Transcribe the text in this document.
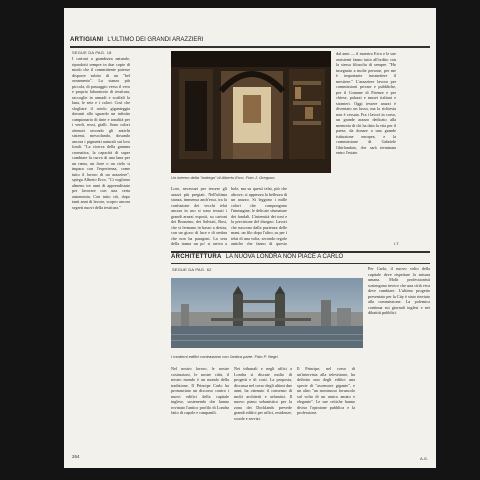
ARTIGIANI L'ULTIMO DEI GRANDI ARAZZIERI
SEGUE DA PAG. 18
I cartoni a grandezza naturale, riprodotti sempre in due copie di modo che il committente potesse disporre subito di un "bel ornamento". La stanza più piccola, di passaggio verso il vero e proprio laboratorio di tessitura, raccoglie in armadi e scaffali la lana, le sete e i colori. Così che sfogliare il rotolo giganteggia davanti allo sguardo un infinito campionario di tinte e tonalità per i verdi, rossi, gialli. Sono colori ottenuti secondo gli antichi sistemi, mescolando, dosando ancora i pigmenti naturali sui loro fondi. "La ricerca della gamma cromatica, la capacità di saper cambiare la curva di una lana per un ramo, un fiore o un cielo si impara con l'esperienza, come tutto il lavoro di un arazziere", spiega Alberto Erco. "Ci vogliono almeno tre anni di apprendistato per lavorare con una certa autonomia. Con tutto ciò, dopo tanti anni di lavoro, scopro ancora segreti nuovi della tessitura."
Un interno della "bottega" di Alberto Erco. Foto J. Gregson.
Loro, necessari per tessere gli arazzi più pregiati. Nell'ultima stanza, immensa anch'essa, tra la confusione dei vecchi telai ancora in uso si sono tessuti i grandi arazzi esposti, su cartoni dei Bronzino, dei Salviati, Rost, che si fermano in basso a destra, con un gioco di luce e di ombra che non ha paragoni. La sera della trama un po' si arriva a
bole, ma su questi telai, più che altrove, si apprezza la bellezza di un arazzo. Si leggono i mille colori che compongono l'immagine, le delicate sfumature dei fondali. L'intensità dei toni e la precisione del disegno. Lavori che nascono dalla pazienza delle mani, un filo dopo l'altro, su per i telai di una volta, secondo regole antiche che fanno di questo
dal anni — il maestro Erco e le sue assistenti fanno tutto all'ordito con la stessa filosofia di sempre. "Ho insegnato a molte persone, per me è importante trasmettere il mestiere." L'arazziere lavora per commissioni private e pubbliche, per il Comune di Firenze e per chiese, palazzi e musei italiani e stranieri. Oggi tessere arazzi è diventato un lusso, ma la richiesta non è cessata. Fra i lavori in corso, un grande arazzo dedicato alla memoria di chi ha dato la vita per il paese, da donare a una grande istituzione europea, e la commissione di Gabriele Ghirlandaio, che sarà terminata entro l'estate.
I.T.
ARCHITETTURA LA NUOVA LONDRA NON PIACE A CARLO
SEGUE DA PAG. 62
I moderni edifici contrastano con l'antica parte. Foto P. Negri.
Nel nostro lavoro, le nostre costruzioni, le nostre città, il nostro mondo è un mondo della tradizione. Il Principe Carlo ha pronunciato un discorso contro i nuovi edifici della capitale inglese, sostenendo che hanno rovinato l'antico profilo di Londra fatto di cupole e campanili.
Nei tribunali e negli uffici a Londra si discute molto di progetti e di costi. La proposta, discussa nel corso degli ultimi due anni, ha ottenuto il consenso di molti architetti e urbanisti. Il nuovo piano urbanistico per la zona dei Docklands prevede grandi edifici per uffici, residenze, scuole e servizi.
Il Principe, nel corso di un'intervista alla televisione, ha definito uno degli edifici una specie di "ascensore gigante", e un altro "un mostruoso foruncolo sul volto di un amico amato e elegante". Le sue critiche hanno diviso l'opinione pubblica e la professione.
Per Carlo, il nuovo volto della capitale deve rispettare la misura umana. Molti professionisti sostengono invece che una città viva deve cambiare. L'ultimo progetto presentato per la City è stato rinviato alla commissione. La polemica continua sui giornali inglesi e nei dibattiti pubblici.
A.G.
264
